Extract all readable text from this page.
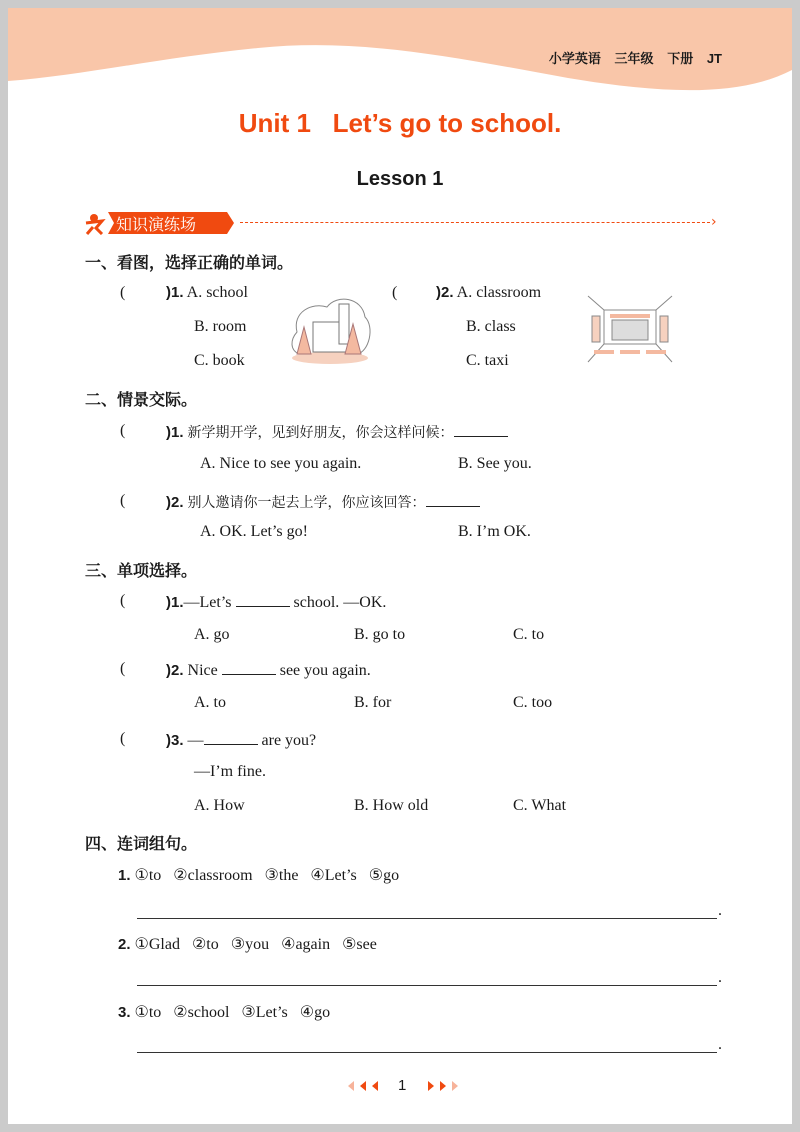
小学英语 三年级 下册 JT
Unit 1   Let’s go to school.
Lesson 1
知识演练场	›
一、看图，选择正确的单词。
(	)1. A. school
B. room
C. book
(	)2. A. classroom
B. class
C. taxi
二、情景交际。
(	)1. 新学期开学，见到好朋友，你会这样问候：
A. Nice to see you again.	B. See you.
(	)2. 别人邀请你一起去上学，你应该回答：
A. OK. Let’s go!	B. I’m OK.
三、单项选择。
(	)1.—Let’s	school. —OK.
A. go	B. go to	C. to
(	)2. Nice	see you again.
A. to	B. for	C. too
(	)3. —	are you?
—I’m fine.
A. How	B. How old	C. What
四、连词组句。
1. ①to   ②classroom   ③the   ④Let’s   ⑤go
.
2. ①Glad   ②to   ③you   ④again   ⑤see
.
3. ①to   ②school   ③Let’s   ④go
.
1
